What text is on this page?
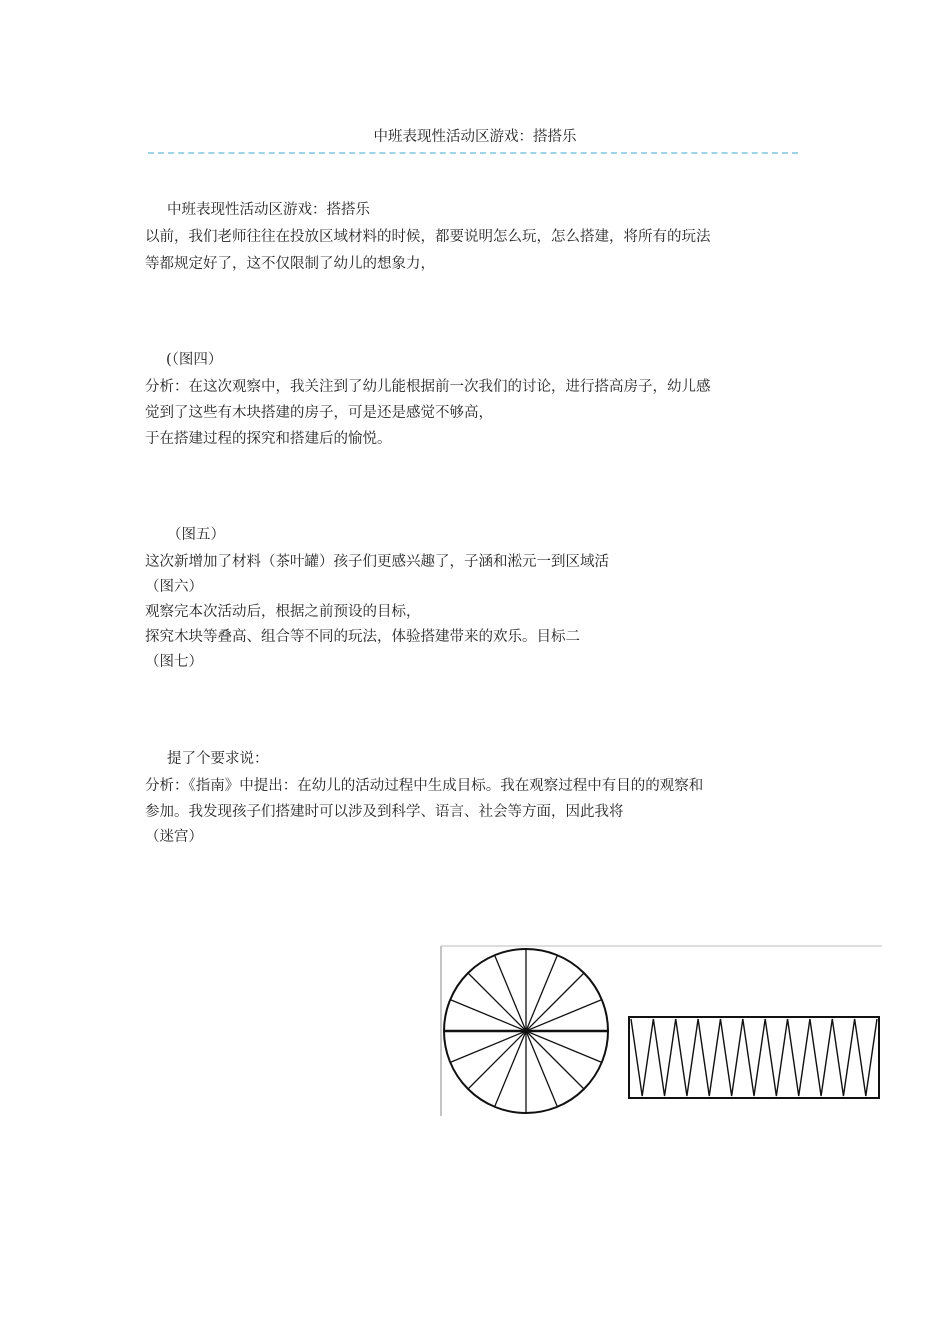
中班表现性活动区游戏：搭搭乐
中班表现性活动区游戏：搭搭乐
以前，我们老师往往在投放区域材料的时候，都要说明怎么玩，怎么搭建，将所有的玩法
等都规定好了，这不仅限制了幼儿的想象力，
(（图四）
分析：在这次观察中，我关注到了幼儿能根据前一次我们的讨论，进行搭高房子，幼儿感
觉到了这些有木块搭建的房子，可是还是感觉不够高，
于在搭建过程的探究和搭建后的愉悦。
（图五）
这次新增加了材料（茶叶罐）孩子们更感兴趣了，子涵和淞元一到区域活
（图六）
观察完本次活动后，根据之前预设的目标，
探究木块等叠高、组合等不同的玩法，体验搭建带来的欢乐。目标二
（图七）
提了个要求说：
分析：《指南》中提出：在幼儿的活动过程中生成目标。我在观察过程中有目的的观察和
参加。我发现孩子们搭建时可以涉及到科学、语言、社会等方面，因此我将
（迷宫）
